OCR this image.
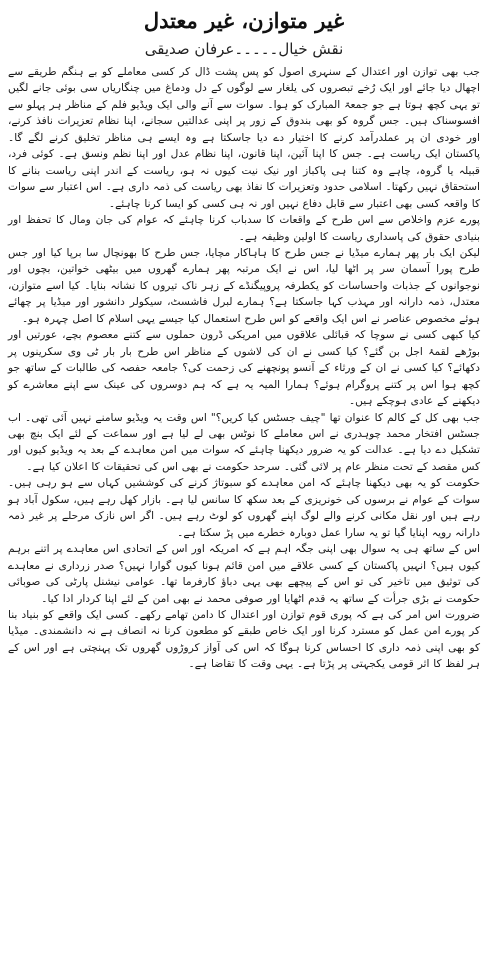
غیر متوازن، غیر معتدل
نقش خیال۔۔۔۔۔عرفان صدیقی

جب بھی توازن اور اعتدال کے سنہری اصول کو پس پشت ڈال کر کسی معاملے کو بے ہنگم طریقے سے اچھال دیا جائے اور ایک رُخے تبصروں کی یلغار سے لوگوں کے دل ودماغ میں چنگاریاں سی بوئی جانے لگیں تو یہی کچھ ہوتا ہے جو جمعۃ المبارک کو ہوا۔ سوات سے آنے والی ایک ویڈیو فلم کے مناظر ہر پہلو سے افسوسناک ہیں۔ جس گروہ کو بھی بندوق کے زور پر اپنی عدالتیں سجانے، اپنا نظام تعزیرات نافذ کرنے، اور خودی ان پر عملدرآمد کرنے کا اختیار دے دیا جاسکتا ہے وہ ایسے ہی مناظر تخلیق کرنے لگے گا۔ پاکستان ایک ریاست ہے۔ جس کا اپنا آئین، اپنا قانون، اپنا نظام عدل اور اپنا نظم ونسق ہے۔ کوئی فرد، قبیلہ یا گروہ، چاہے وہ کتنا ہی پاکباز اور نیک نیت کیوں نہ ہو، ریاست کے اندر اپنی ریاست بنانے کا استحقاق نہیں رکھتا۔ اسلامی حدود وتعزیرات کا نفاذ بھی ریاست کی ذمہ داری ہے۔ اس اعتبار سے سوات کا واقعہ کسی بھی اعتبار سے قابل دفاع نہیں اور نہ ہی کسی کو ایسا کرنا چاہئے۔

پورے عزم واخلاص سے اس طرح کے واقعات کا سدباب کرنا چاہئے کہ عوام کی جان ومال کا تحفظ اور بنیادی حقوق کی پاسداری ریاست کا اولین وظیفہ ہے۔

لیکن ایک بار پھر ہمارے میڈیا نے جس طرح کا ہاہاکار مچایا، جس طرح کا بھونچال سا برپا کیا اور جس طرح پورا آسمان سر پر اٹھا لیا، اس نے ایک مرتبہ پھر ہمارے گھروں میں بیٹھی خواتین، بچوں اور نوجوانوں کے جذبات واحساسات کو یکطرفہ پروپیگنڈے کے زہر ناک تیروں کا نشانہ بنایا۔ کیا اسے متوازن، معتدل، ذمہ دارانہ اور مہذب کہا جاسکتا ہے؟ ہمارے لبرل فاشسٹ، سیکولر دانشور اور میڈیا پر چھائے ہوئے مخصوص عناصر نے اس ایک واقعے کو اس طرح استعمال کیا جیسے یہی اسلام کا اصل چہرہ ہو۔

کیا کبھی کسی نے سوچا کہ قبائلی علاقوں میں امریکی ڈرون حملوں سے کتنے معصوم بچے، عورتیں اور بوڑھے لقمۂ اجل بن گئے؟ کیا کسی نے ان کی لاشوں کے مناظر اس طرح بار بار ٹی وی سکرینوں پر دکھائے؟ کیا کسی نے ان کے ورثاء کے آنسو پونچھنے کی زحمت کی؟ جامعہ حفصہ کی طالبات کے ساتھ جو کچھ ہوا اس پر کتنے پروگرام ہوئے؟ ہمارا المیہ یہ ہے کہ ہم دوسروں کی عینک سے اپنے معاشرے کو دیکھنے کے عادی ہوچکے ہیں۔

جب بھی کل کے کالم کا عنوان تھا "چیف جسٹس کیا کریں؟" اس وقت یہ ویڈیو سامنے نہیں آئی تھی۔ اب جسٹس افتخار محمد چوہدری نے اس معاملے کا نوٹس بھی لے لیا ہے اور سماعت کے لئے ایک بنچ بھی تشکیل دے دیا ہے۔ عدالت کو یہ ضرور دیکھنا چاہئے کہ سوات میں امن معاہدے کے بعد یہ ویڈیو کیوں اور کس مقصد کے تحت منظر عام پر لائی گئی۔ سرحد حکومت نے بھی اس کی تحقیقات کا اعلان کیا ہے۔

حکومت کو یہ بھی دیکھنا چاہئے کہ امن معاہدے کو سبوتاژ کرنے کی کوششیں کہاں سے ہو رہی ہیں۔ سوات کے عوام نے برسوں کی خونریزی کے بعد سکھ کا سانس لیا ہے۔ بازار کھل رہے ہیں، سکول آباد ہو رہے ہیں اور نقل مکانی کرنے والے لوگ اپنے گھروں کو لوٹ رہے ہیں۔ اگر اس نازک مرحلے پر غیر ذمہ دارانہ رویہ اپنایا گیا تو یہ سارا عمل دوبارہ خطرے میں پڑ سکتا ہے۔

اس کے ساتھ ہی یہ سوال بھی اپنی جگہ اہم ہے کہ امریکہ اور اس کے اتحادی اس معاہدے پر اتنے برہم کیوں ہیں؟ انہیں پاکستان کے کسی علاقے میں امن قائم ہونا کیوں گوارا نہیں؟ صدر زرداری نے معاہدے کی توثیق میں تاخیر کی تو اس کے پیچھے بھی یہی دباؤ کارفرما تھا۔ عوامی نیشنل پارٹی کی صوبائی حکومت نے بڑی جرأت کے ساتھ یہ قدم اٹھایا اور صوفی محمد نے بھی امن کے لئے اپنا کردار ادا کیا۔

ضرورت اس امر کی ہے کہ پوری قوم توازن اور اعتدال کا دامن تھامے رکھے۔ کسی ایک واقعے کو بنیاد بنا کر پورے امن عمل کو مسترد کرنا اور ایک خاص طبقے کو مطعون کرنا نہ انصاف ہے نہ دانشمندی۔ میڈیا کو بھی اپنی ذمہ داری کا احساس کرنا ہوگا کہ اس کی آواز کروڑوں گھروں تک پہنچتی ہے اور اس کے ہر لفظ کا اثر قومی یکجہتی پر پڑتا ہے۔ یہی وقت کا تقاضا ہے۔
